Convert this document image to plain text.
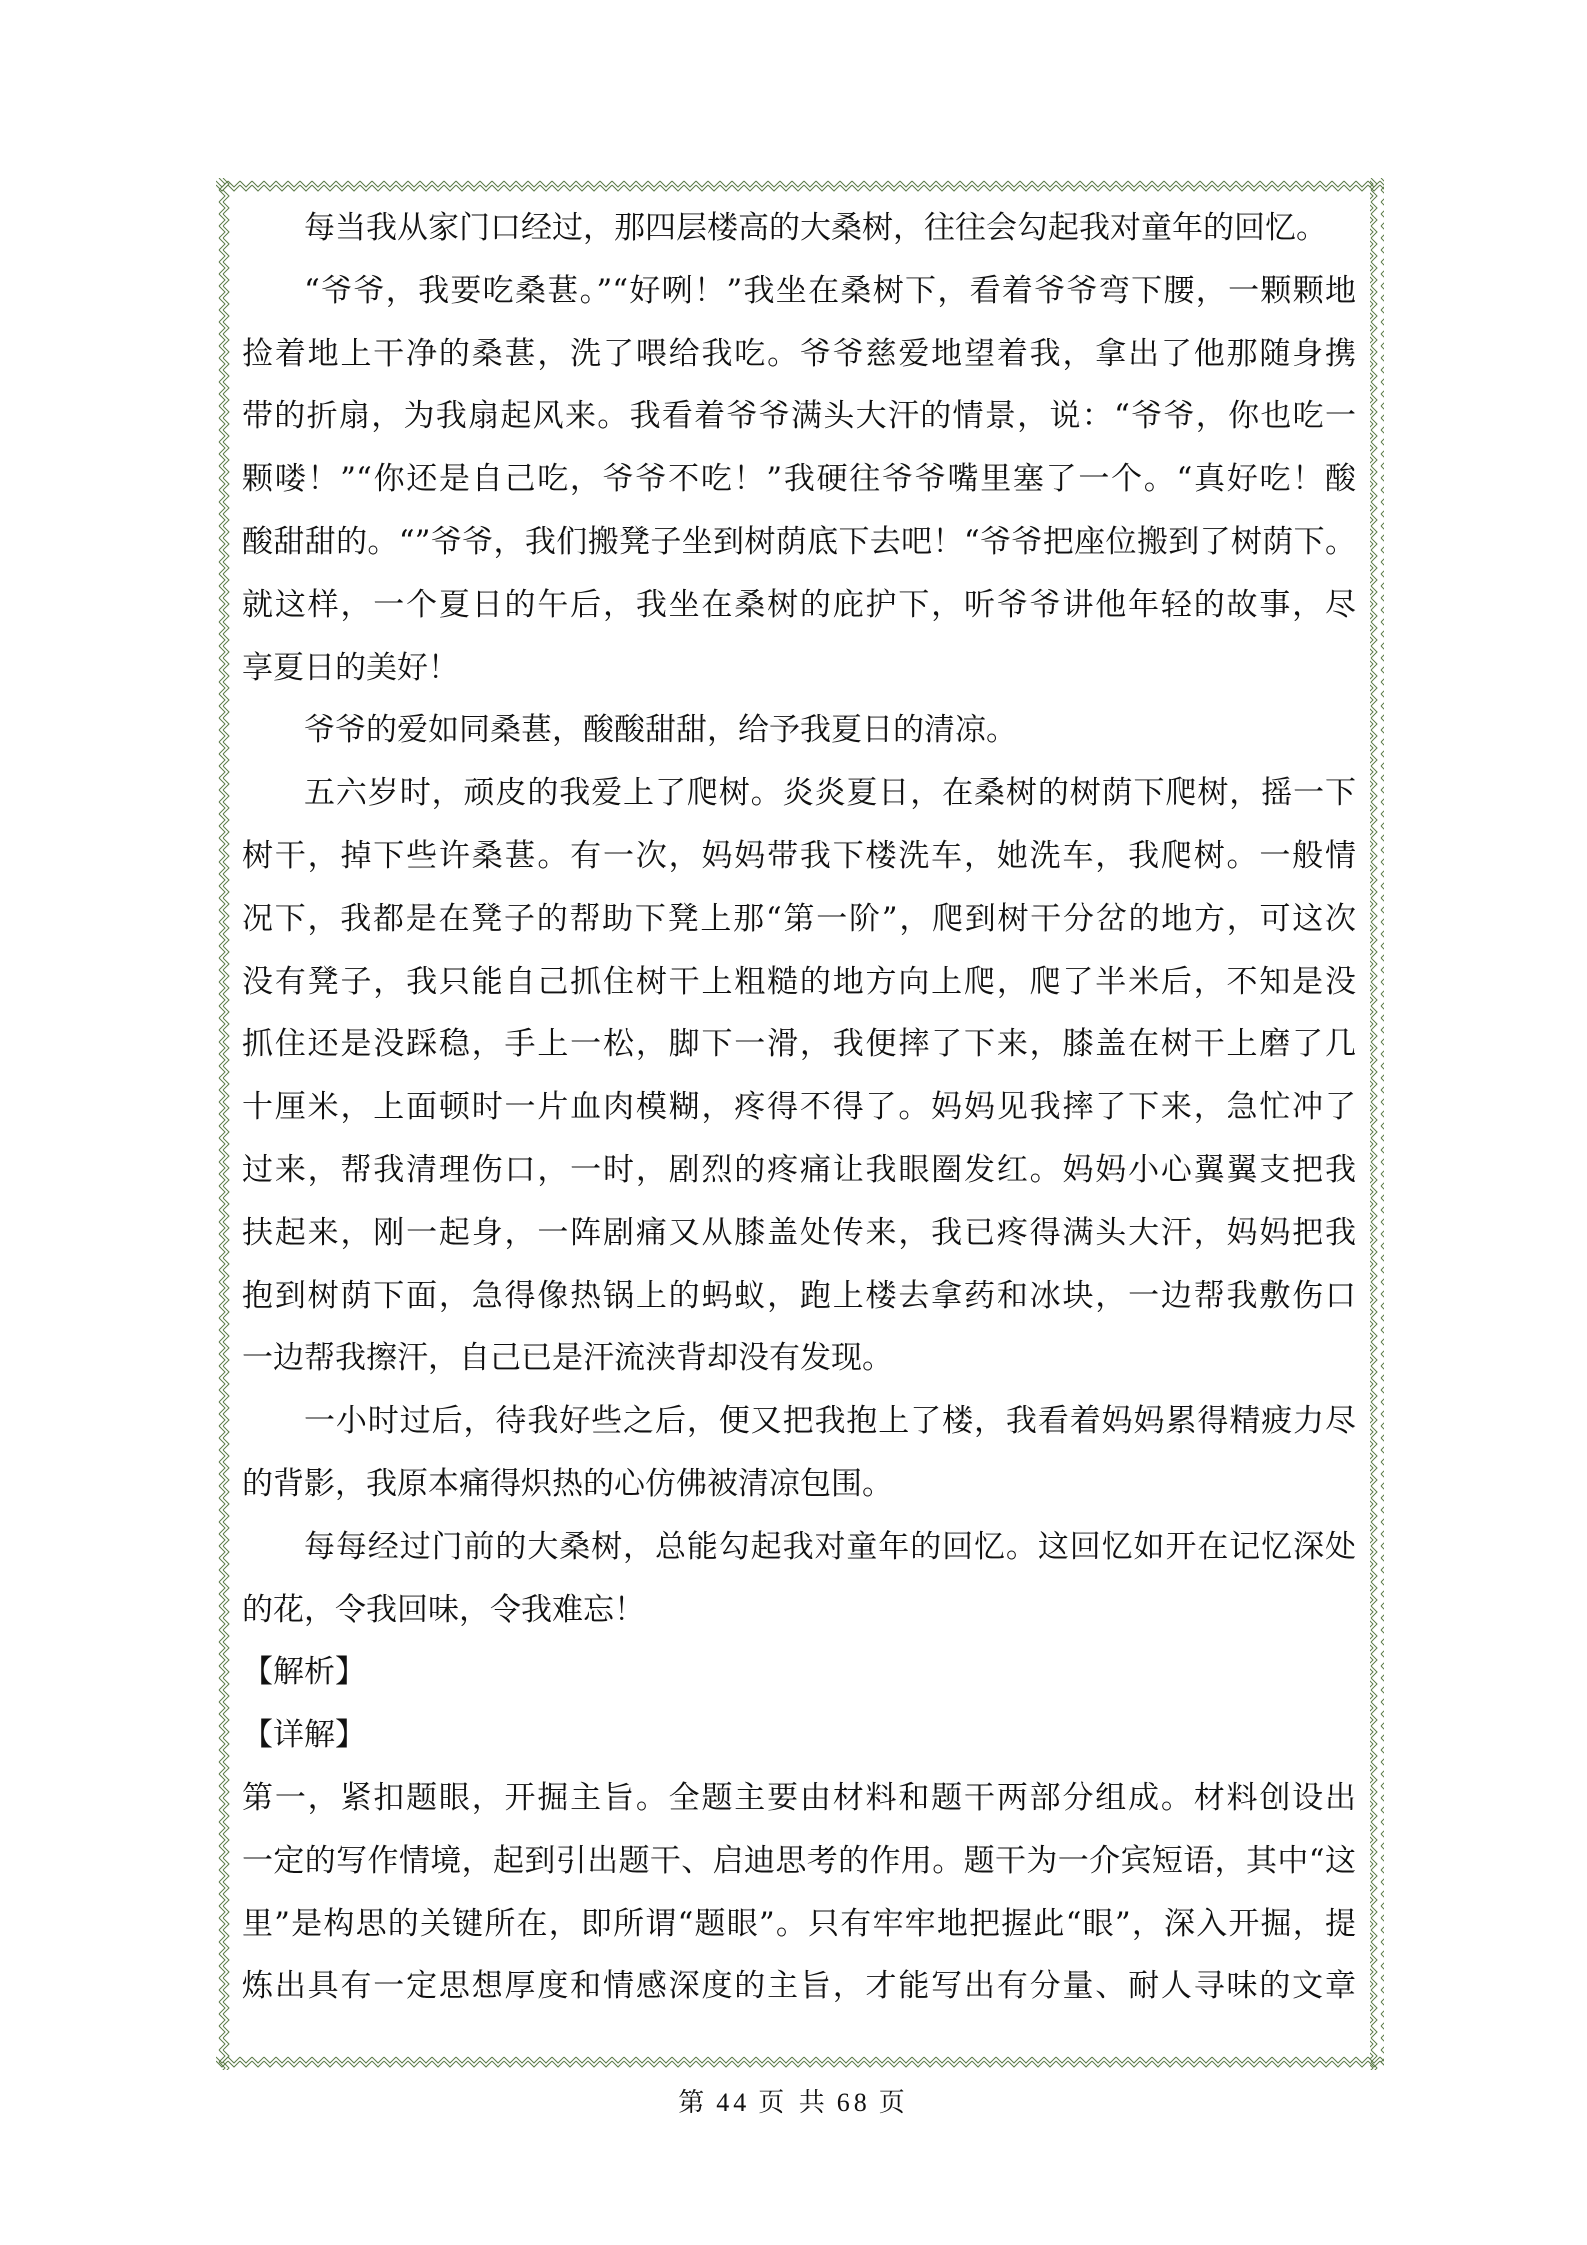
每当我从家门口经过，那四层楼高的大桑树，往往会勾起我对童年的回忆。
“爷爷，我要吃桑葚。”“好咧！”我坐在桑树下，看着爷爷弯下腰，一颗颗地
捡着地上干净的桑葚，洗了喂给我吃。爷爷慈爱地望着我，拿出了他那随身携
带的折扇，为我扇起风来。我看着爷爷满头大汗的情景，说：“爷爷，你也吃一
颗喽！”“你还是自己吃，爷爷不吃！”我硬往爷爷嘴里塞了一个。“真好吃！酸
酸甜甜的。“”爷爷，我们搬凳子坐到树荫底下去吧！“爷爷把座位搬到了树荫下。
就这样，一个夏日的午后，我坐在桑树的庇护下，听爷爷讲他年轻的故事，尽
享夏日的美好！
爷爷的爱如同桑葚，酸酸甜甜，给予我夏日的清凉。
五六岁时，顽皮的我爱上了爬树。炎炎夏日，在桑树的树荫下爬树，摇一下
树干，掉下些许桑葚。有一次，妈妈带我下楼洗车，她洗车，我爬树。一般情
况下，我都是在凳子的帮助下凳上那“第一阶”，爬到树干分岔的地方，可这次
没有凳子，我只能自己抓住树干上粗糙的地方向上爬，爬了半米后，不知是没
抓住还是没踩稳，手上一松，脚下一滑，我便摔了下来，膝盖在树干上磨了几
十厘米，上面顿时一片血肉模糊，疼得不得了。妈妈见我摔了下来，急忙冲了
过来，帮我清理伤口，一时，剧烈的疼痛让我眼圈发红。妈妈小心翼翼支把我
扶起来，刚一起身，一阵剧痛又从膝盖处传来，我已疼得满头大汗，妈妈把我
抱到树荫下面，急得像热锅上的蚂蚁，跑上楼去拿药和冰块，一边帮我敷伤口
一边帮我擦汗，自己已是汗流浃背却没有发现。
一小时过后，待我好些之后，便又把我抱上了楼，我看着妈妈累得精疲力尽
的背影，我原本痛得炽热的心仿佛被清凉包围。
每每经过门前的大桑树，总能勾起我对童年的回忆。这回忆如开在记忆深处
的花，令我回味，令我难忘！
【解析】
【详解】
第一，紧扣题眼，开掘主旨。全题主要由材料和题干两部分组成。材料创设出
一定的写作情境，起到引出题干、启迪思考的作用。题干为一介宾短语，其中“这
里”是构思的关键所在，即所谓“题眼”。只有牢牢地把握此“眼”，深入开掘，提
炼出具有一定思想厚度和情感深度的主旨，才能写出有分量、耐人寻味的文章
第 44 页 共 68 页
